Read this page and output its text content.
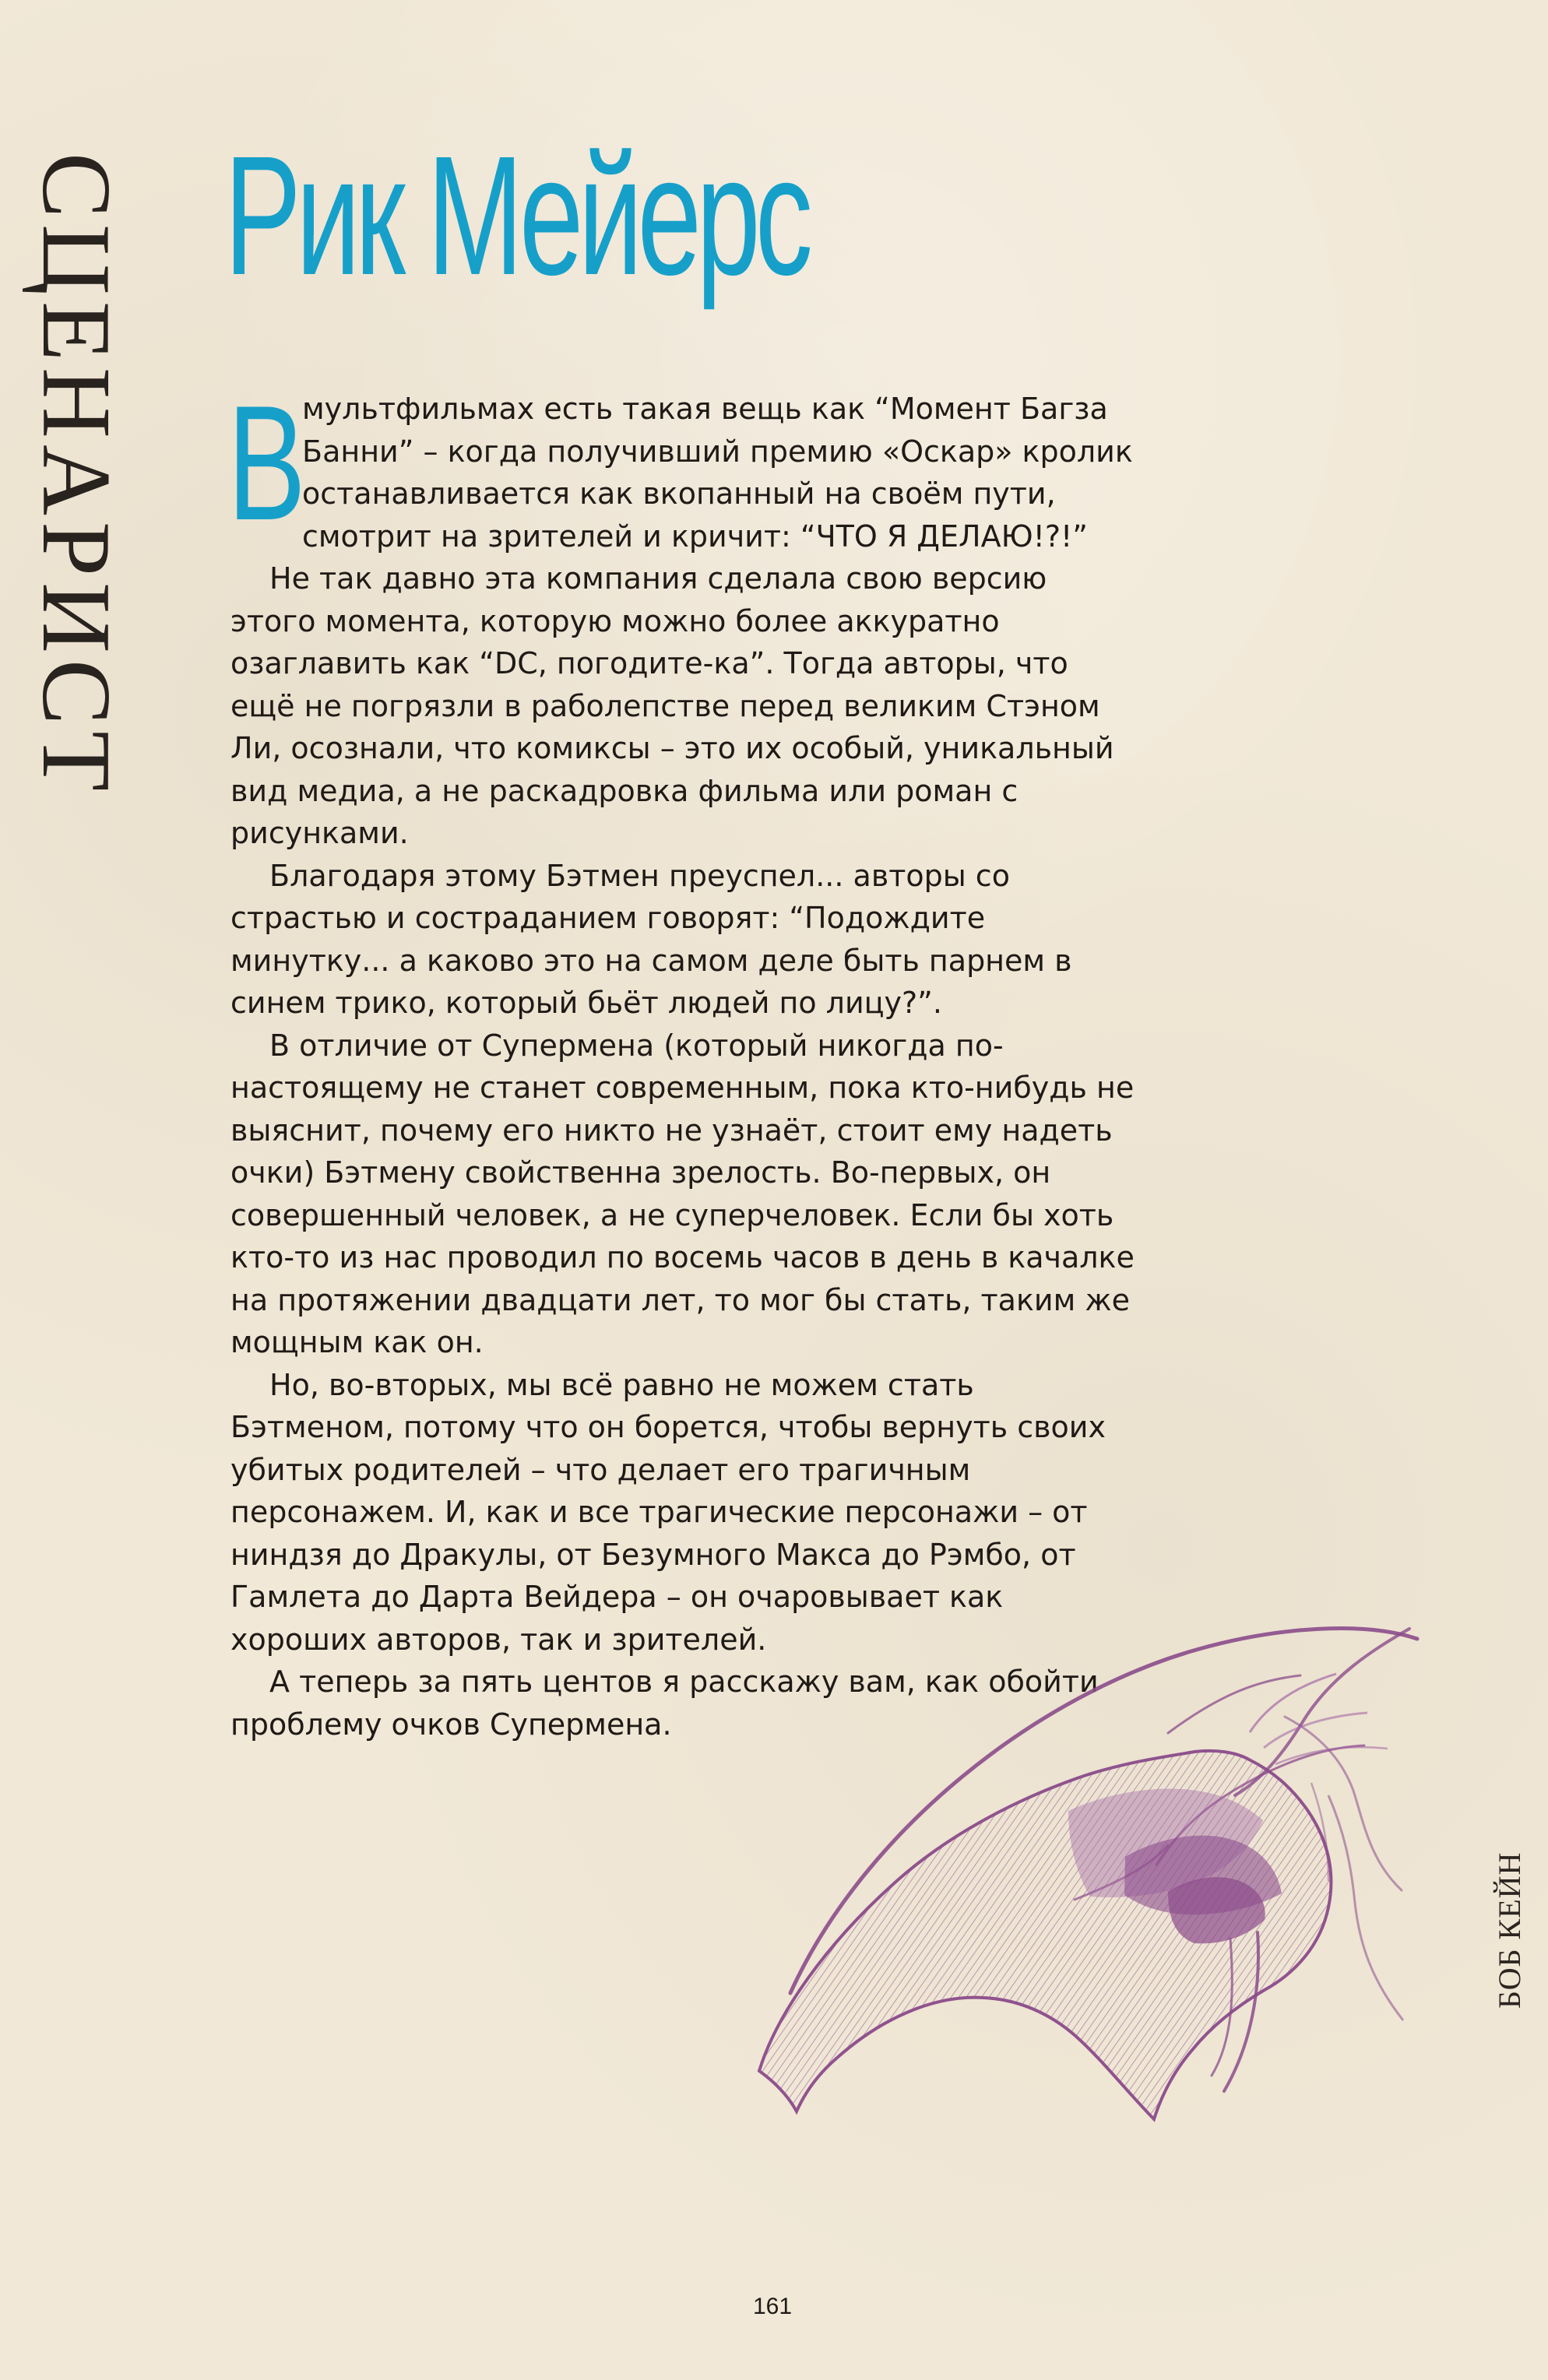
СЦЕНАРИСТ Рик Мейерс

В
мультфильмах есть такая вещь как “Момент Багза Банни” – когда получивший премию «Оскар» кролик останавливается как вкопанный на своём пути, смотрит на зрителей и кричит: “ЧТО Я ДЕЛАЮ!?!”

Не так давно эта компания сделала свою версию этого момента, которую можно более аккуратно озаглавить как “DC, погодите-ка”. Тогда авторы, что ещё не погрязли в раболепстве перед великим Стэном Ли, осознали, что комиксы – это их особый, уникальный вид медиа, а не раскадровка фильма или роман с рисунками.

Благодаря этому Бэтмен преуспел... авторы со страстью и состраданием говорят: “Подождите минутку... а каково это на самом деле быть парнем в синем трико, который бьёт людей по лицу?”.

В отличие от Супермена (который никогда по-настоящему не станет современным, пока кто-нибудь не выяснит, почему его никто не узнаёт, стоит ему надеть очки) Бэтмену свойственна зрелость. Во-первых, он совершенный человек, а не суперчеловек. Если бы хоть кто-то из нас проводил по восемь часов в день в качалке на протяжении двадцати лет, то мог бы стать, таким же мощным как он.

Но, во-вторых, мы всё равно не можем стать Бэтменом, потому что он борется, чтобы вернуть своих убитых родителей – что делает его трагичным персонажем. И, как и все трагические персонажи – от ниндзя до Дракулы, от Безумного Макса до Рэмбо, от Гамлета до Дарта Вейдера – он очаровывает как хороших авторов, так и зрителей.

А теперь за пять центов я расскажу вам, как обойти проблему очков Супермена.

БОБ КЕЙН
161
